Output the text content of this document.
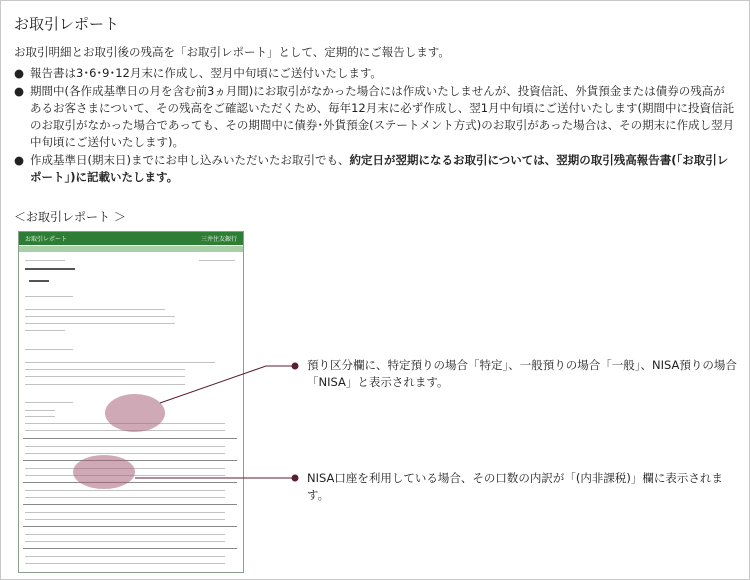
お取引レポート
お取引明細とお取引後の残高を「お取引レポート」として、定期的にご報告します。
● 報告書は3･6･9･12月末に作成し、翌月中旬頃にご送付いたします。
● 期間中(各作成基準日の月を含む前3ヵ月間)にお取引がなかった場合には作成いたしませんが、投資信託、外貨預金または債券の残高があるお客さまについて、その残高をご確認いただくため、毎年12月末に必ず作成し、翌1月中旬頃にご送付いたします(期間中に投資信託のお取引がなかった場合であっても、その期間中に債券･外貨預金(ステートメント方式)のお取引があった場合は、その期末に作成し翌月中旬頃にご送付いたします)。
● 作成基準日(期末日)までにお申し込みいただいたお取引でも、約定日が翌期になるお取引については、翌期の取引残高報告書(「お取引レポート」)に記載いたします。
＜お取引レポート ＞
お取引レポート	三井住友銀行
預り区分欄に、特定預りの場合「特定」、一般預りの場合「一般」、NISA預りの場合「NISA」と表示されます。
NISA口座を利用している場合、その口数の内訳が「(内非課税)」欄に表示されます。
